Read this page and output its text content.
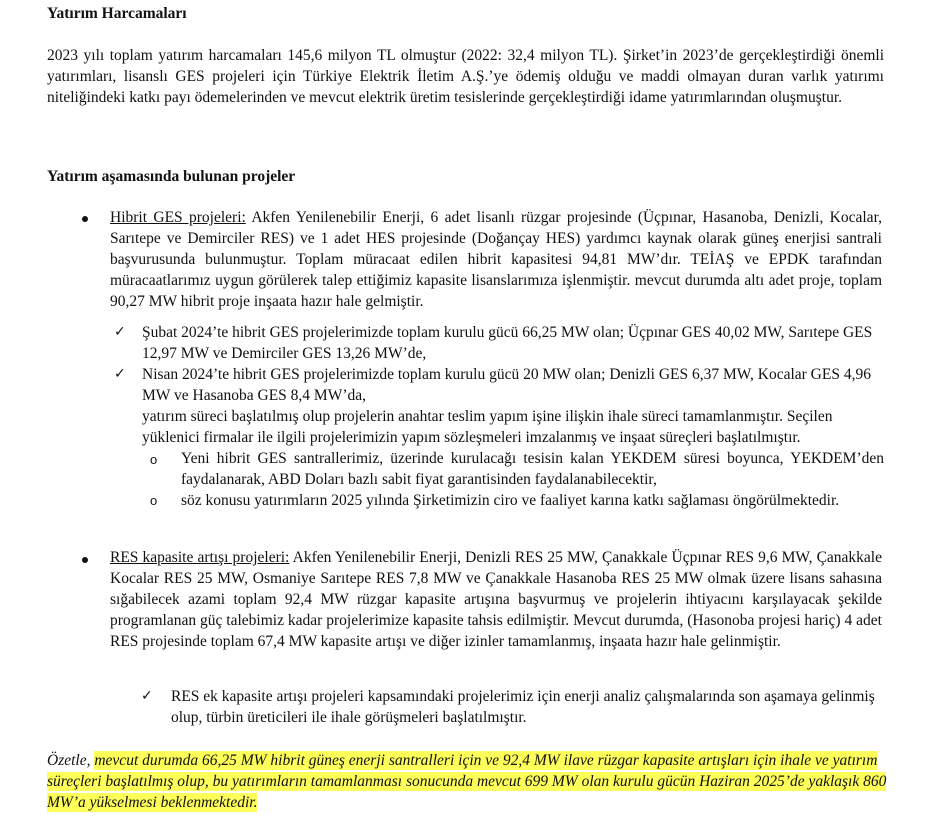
Yatırım Harcamaları
2023 yılı toplam yatırım harcamaları 145,6 milyon TL olmuştur (2022: 32,4 milyon TL). Şirket’in 2023’de gerçekleştirdiği önemli yatırımları, lisanslı GES projeleri için Türkiye Elektrik İletim A.Ş.’ye ödemiş olduğu ve maddi olmayan duran varlık yatırımı niteliğindeki katkı payı ödemelerinden ve mevcut elektrik üretim tesislerinde gerçekleştirdiği idame yatırımlarından oluşmuştur.
Yatırım aşamasında bulunan projeler
Hibrit GES projeleri: Akfen Yenilenebilir Enerji, 6 adet lisanlı rüzgar projesinde (Üçpınar, Hasanoba, Denizli, Kocalar, Sarıtepe ve Demirciler RES) ve 1 adet HES projesinde (Doğançay HES) yardımcı kaynak olarak güneş enerjisi santrali başvurusunda bulunmuştur. Toplam müracaat edilen hibrit kapasitesi 94,81 MW’dır. TEİAŞ ve EPDK tarafından müracaatlarımız uygun görülerek talep ettiğimiz kapasite lisanslarımıza işlenmiştir. mevcut durumda altı adet proje, toplam 90,27 MW hibrit proje inşaata hazır hale gelmiştir.
✓ Şubat 2024’te hibrit GES projelerimizde toplam kurulu gücü 66,25 MW olan; Üçpınar GES 40,02 MW, Sarıtepe GES 12,97 MW ve Demirciler GES 13,26 MW’de,
✓ Nisan 2024’te hibrit GES projelerimizde toplam kurulu gücü 20 MW olan; Denizli GES 6,37 MW, Kocalar GES 4,96 MW ve Hasanoba GES 8,4 MW’da,
yatırım süreci başlatılmış olup projelerin anahtar teslim yapım işine ilişkin ihale süreci tamamlanmıştır. Seçilen yüklenici firmalar ile ilgili projelerimizin yapım sözleşmeleri imzalanmış ve inşaat süreçleri başlatılmıştır.
o Yeni hibrit GES santrallerimiz, üzerinde kurulacağı tesisin kalan YEKDEM süresi boyunca, YEKDEM’den faydalanarak, ABD Doları bazlı sabit fiyat garantisinden faydalanabilecektir,
o söz konusu yatırımların 2025 yılında Şirketimizin ciro ve faaliyet karına katkı sağlaması öngörülmektedir.
RES kapasite artışı projeleri: Akfen Yenilenebilir Enerji, Denizli RES 25 MW, Çanakkale Üçpınar RES 9,6 MW, Çanakkale Kocalar RES 25 MW, Osmaniye Sarıtepe RES 7,8 MW ve Çanakkale Hasanoba RES 25 MW olmak üzere lisans sahasına sığabilecek azami toplam 92,4 MW rüzgar kapasite artışına başvurmuş ve projelerin ihtiyacını karşılayacak şekilde programlanan güç talebimiz kadar projelerimize kapasite tahsis edilmiştir. Mevcut durumda, (Hasonoba projesi hariç) 4 adet RES projesinde toplam 67,4 MW kapasite artışı ve diğer izinler tamamlanmış, inşaata hazır hale gelinmiştir.
✓ RES ek kapasite artışı projeleri kapsamındaki projelerimiz için enerji analiz çalışmalarında son aşamaya gelinmiş olup, türbin üreticileri ile ihale görüşmeleri başlatılmıştır.
Özetle, mevcut durumda 66,25 MW hibrit güneş enerji santralleri için ve 92,4 MW ilave rüzgar kapasite artışları için ihale ve yatırım süreçleri başlatılmış olup, bu yatırımların tamamlanması sonucunda mevcut 699 MW olan kurulu gücün Haziran 2025’de yaklaşık 860 MW’a yükselmesi beklenmektedir.
